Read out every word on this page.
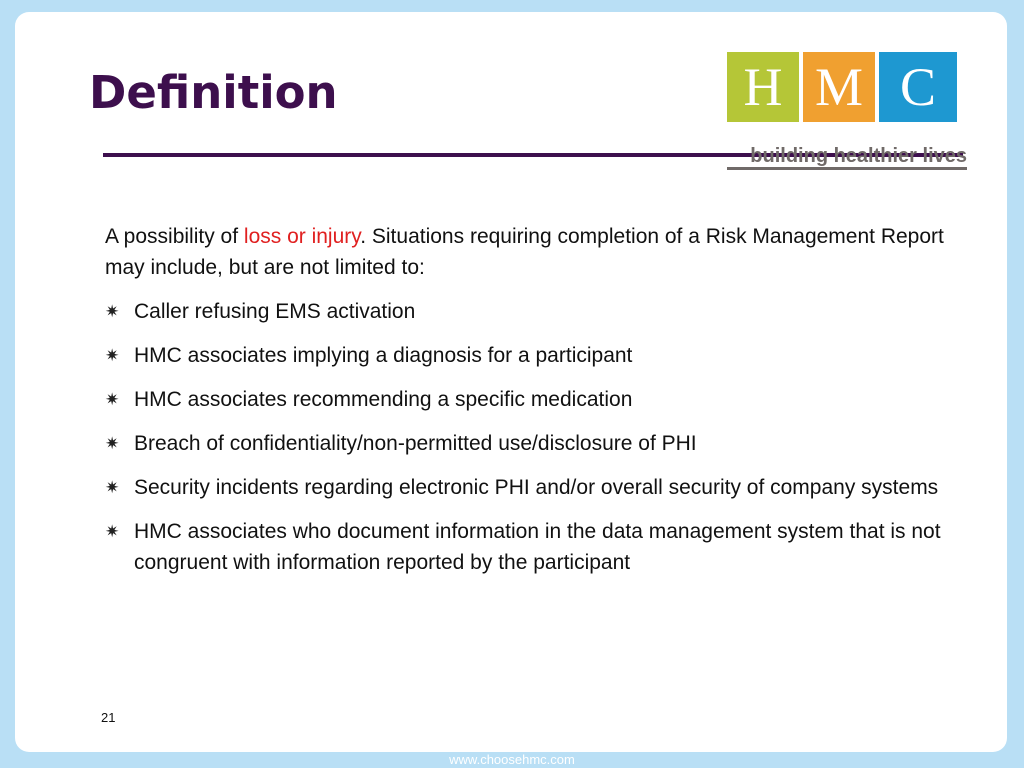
Definition	H M C
building healthier lives
21

A possibility of loss or injury. Situations requiring completion of a Risk Management Report may include, but are not limited to:

✷ Caller refusing EMS activation
✷ HMC associates implying a diagnosis for a participant
✷ HMC associates recommending a specific medication
✷ Breach of confidentiality/non-permitted use/disclosure of PHI
✷ Security incidents regarding electronic PHI and/or overall security of company systems
✷ HMC associates who document information in the data management system that is not congruent with information reported by the participant
www.choosehmc.com
